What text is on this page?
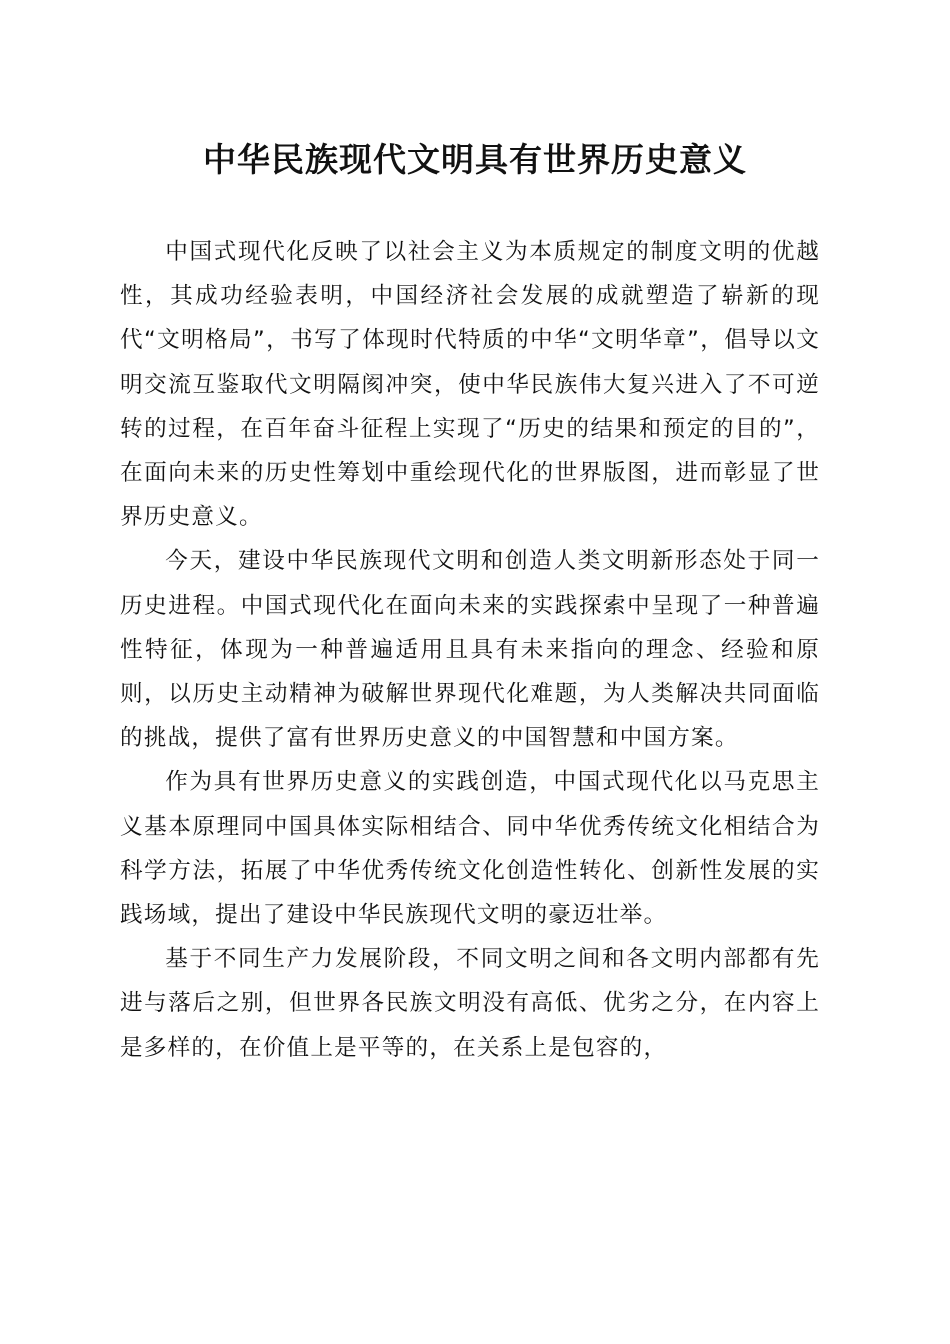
中华民族现代文明具有世界历史意义

中国式现代化反映了以社会主义为本质规定的制度文明的优越性，其成功经验表明，中国经济社会发展的成就塑造了崭新的现代“文明格局”，书写了体现时代特质的中华“文明华章”，倡导以文明交流互鉴取代文明隔阂冲突，使中华民族伟大复兴进入了不可逆转的过程，在百年奋斗征程上实现了“历史的结果和预定的目的”，在面向未来的历史性筹划中重绘现代化的世界版图，进而彰显了世界历史意义。

今天，建设中华民族现代文明和创造人类文明新形态处于同一历史进程。中国式现代化在面向未来的实践探索中呈现了一种普遍性特征，体现为一种普遍适用且具有未来指向的理念、经验和原则，以历史主动精神为破解世界现代化难题，为人类解决共同面临的挑战，提供了富有世界历史意义的中国智慧和中国方案。

作为具有世界历史意义的实践创造，中国式现代化以马克思主义基本原理同中国具体实际相结合、同中华优秀传统文化相结合为科学方法，拓展了中华优秀传统文化创造性转化、创新性发展的实践场域，提出了建设中华民族现代文明的豪迈壮举。

基于不同生产力发展阶段，不同文明之间和各文明内部都有先进与落后之别，但世界各民族文明没有高低、优劣之分，在内容上是多样的，在价值上是平等的，在关系上是包容的，
